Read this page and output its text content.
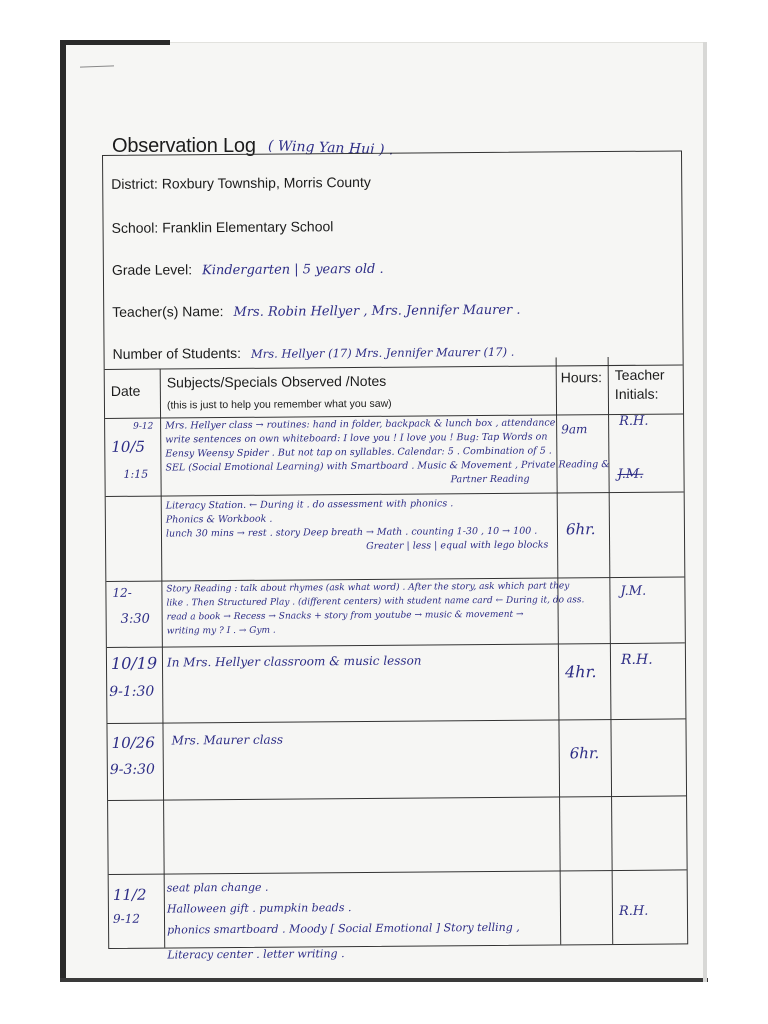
Observation Log ( Wing Yan Hui ) .
District: Roxbury Township, Morris County
School: Franklin Elementary School
Grade Level: Kindergarten | 5 years old .
Teacher(s) Name: Mrs. Robin Hellyer , Mrs. Jennifer Maurer .
Number of Students: Mrs. Hellyer (17) Mrs. Jennifer Maurer (17) .
Date
Subjects/Specials Observed /Notes
(this is just to help you remember what you saw)
Hours: Teacher
Initials:
9-12
10/5
1:15
Mrs. Hellyer class → routines: hand in folder, backpack & lunch box , attendance
write sentences on own whiteboard: I love you ! I love you ! Bug: Tap Words on
Eensy Weensy Spider . But not tap on syllables. Calendar: 5 . Combination of 5 .
SEL (Social Emotional Learning) with Smartboard . Music & Movement , Private Reading &
Partner Reading
9am
R.H.
J.M.
Literacy Station. ← During it . do assessment with phonics .
Phonics & Workbook .
lunch 30 mins → rest . story Deep breath → Math . counting 1-30 , 10 → 100 .
Greater | less | equal with lego blocks
6hr.
12-
3:30
Story Reading : talk about rhymes (ask what word) . After the story, ask which part they
like . Then Structured Play . (different centers) with student name card ← During it, do ass.
read a book → Recess → Snacks + story from youtube → music & movement →
writing my ? I . → Gym .
J.M.
10/19
9-1:30
In Mrs. Hellyer classroom & music lesson
4hr.
R.H.
10/26
9-3:30
Mrs. Maurer class
6hr.
11/2
9-12
seat plan change .
Halloween gift . pumpkin beads .
phonics smartboard . Moody [ Social Emotional ] Story telling ,
Literacy center . letter writing .
R.H.
